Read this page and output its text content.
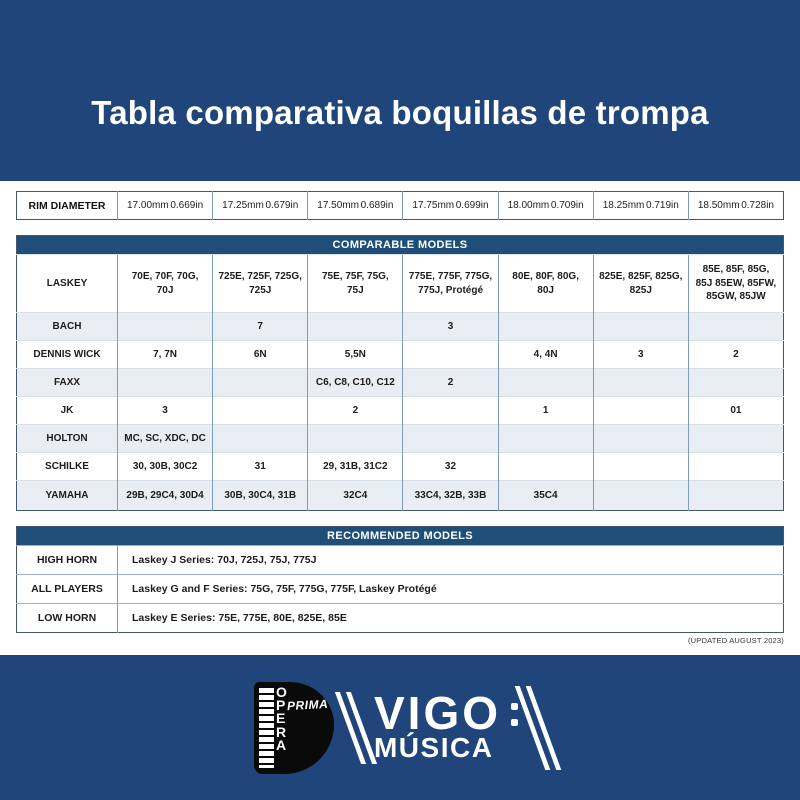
Tabla comparativa boquillas de trompa
RIM DIAMETER	17.00mm 0.669in	17.25mm 0.679in	17.50mm 0.689in	17.75mm 0.699in	18.00mm 0.709in	18.25mm 0.719in	18.50mm 0.728in
COMPARABLE MODELS							
LASKEY	70E, 70F, 70G, 70J	725E, 725F, 725G, 725J	75E, 75F, 75G, 75J	775E, 775F, 775G, 775J, Protégé	80E, 80F, 80G, 80J	825E, 825F, 825G, 825J	85E, 85F, 85G, 85J 85EW, 85FW, 85GW, 85JW
BACH		7		3			
DENNIS WICK	7, 7N	6N	5,5N		4, 4N	3	2
FAXX			C6, C8, C10, C12	2			
JK	3		2		1		01
HOLTON	MC, SC, XDC, DC						
SCHILKE	30, 30B, 30C2	31	29, 31B, 31C2	32			
YAMAHA	29B, 29C4, 30D4	30B, 30C4, 31B	32C4	33C4, 32B, 33B	35C4		
RECOMMENDED MODELS	
HIGH HORN	Laskey J Series: 70J, 725J, 75J, 775J
ALL PLAYERS	Laskey G and F Series: 75G, 75F, 775G, 775F, Laskey Protégé
LOW HORN	Laskey E Series: 75E, 775E, 80E, 825E, 85E
(UPDATED AUGUST 2023)
OPERA
PRIMA VIGO
MÚSICA
